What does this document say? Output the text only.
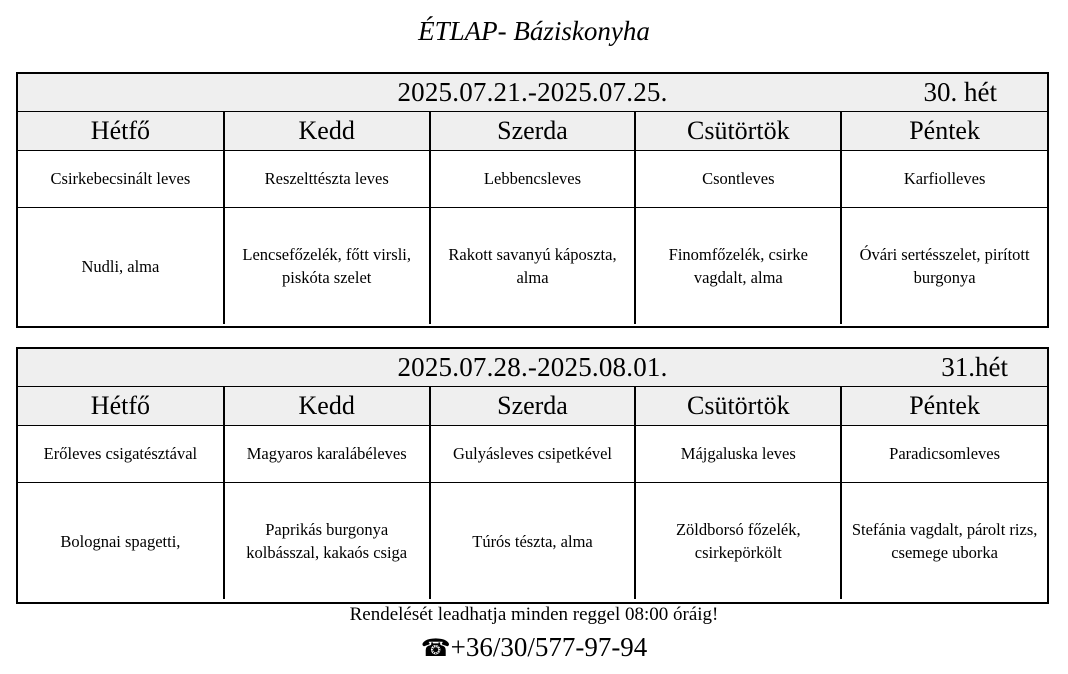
ÉTLAP- Báziskonyha
2025.07.21.-2025.07.25.	30. hét
Hétfő	Kedd	Szerda	Csütörtök	Péntek
Csirkebecsinált leves	Reszelttészta leves	Lebbencsleves	Csontleves	Karfiolleves
Nudli, alma	Lencsefőzelék, főtt virsli, piskóta szelet	Rakott savanyú káposzta, alma	Finomfőzelék, csirke vagdalt, alma	Óvári sertésszelet, pirított burgonya
2025.07.28.-2025.08.01.	31.hét
Hétfő	Kedd	Szerda	Csütörtök	Péntek
Erőleves csigatésztával	Magyaros karalábéleves	Gulyásleves csipetkével	Májgaluska leves	Paradicsomleves
Bolognai spagetti,	Paprikás burgonya kolbásszal, kakaós csiga	Túrós tészta, alma	Zöldborsó főzelék, csirkepörkölt	Stefánia vagdalt, párolt rizs, csemege uborka
Rendelését leadhatja minden reggel 08:00 óráig!
☎+36/30/577-97-94
